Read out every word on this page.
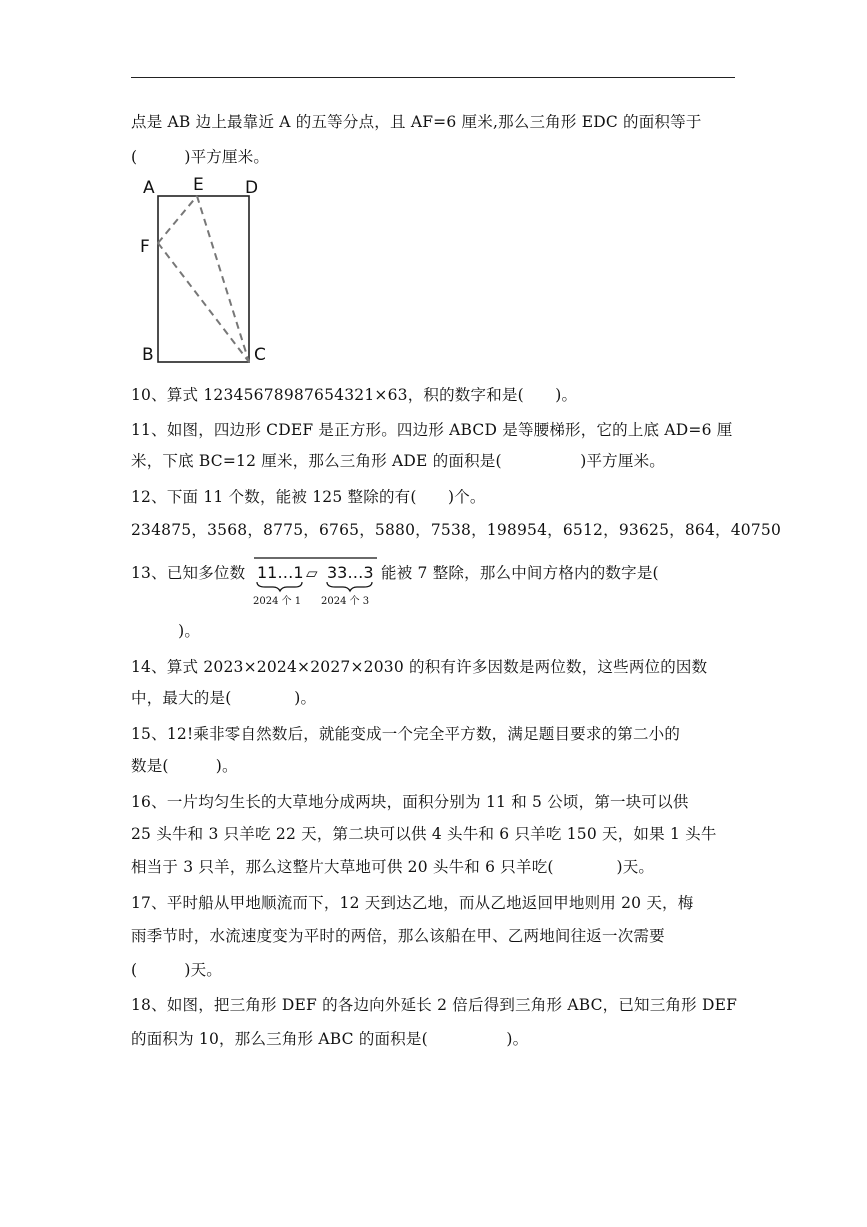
点是 AB 边上最靠近 A 的五等分点，且 AF=6 厘米,那么三角形 EDC 的面积等于
(　　　)平方厘米。
A E D
F
B	C
10、算式 12345678987654321×63，积的数字和是(　　)。
11、如图，四边形 CDEF 是正方形。四边形 ABCD 是等腰梯形，它的上底 AD=6 厘
米，下底 BC=12 厘米，那么三角形 ADE 的面积是(　　　　　)平方厘米。
12、下面 11 个数，能被 125 整除的有(　　)个。
234875，3568，8775，6765，5880，7538，198954，6512，93625，864，40750
13、已知多位数 11…1 ▱ 33…3
2024 个 1 2024 个 3
能被 7 整除，那么中间方格内的数字是(
　　　)。
14、算式 2023×2024×2027×2030 的积有许多因数是两位数，这些两位的因数
中，最大的是(　　　　)。
15、12!乘非零自然数后，就能变成一个完全平方数，满足题目要求的第二小的
数是(　　　)。
16、一片均匀生长的大草地分成两块，面积分别为 11 和 5 公顷，第一块可以供
25 头牛和 3 只羊吃 22 天，第二块可以供 4 头牛和 6 只羊吃 150 天，如果 1 头牛
相当于 3 只羊，那么这整片大草地可供 20 头牛和 6 只羊吃(　　　　)天。
17、平时船从甲地顺流而下，12 天到达乙地，而从乙地返回甲地则用 20 天，梅
雨季节时，水流速度变为平时的两倍，那么该船在甲、乙两地间往返一次需要
(　　　)天。
18、如图，把三角形 DEF 的各边向外延长 2 倍后得到三角形 ABC，已知三角形 DEF
的面积为 10，那么三角形 ABC 的面积是(　　　　　)。
